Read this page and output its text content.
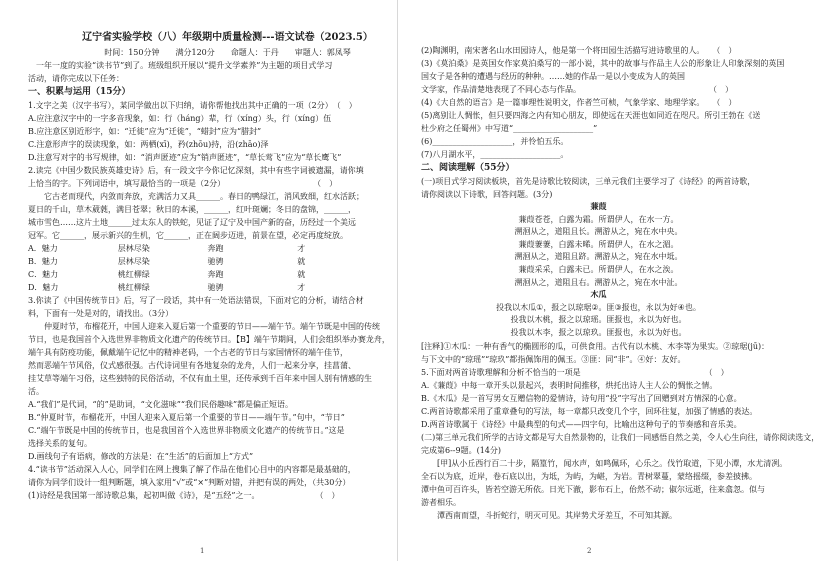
辽宁省实验学校（八）年级期中质量检测---语文试卷（2023.5）
时间：150分钟　　满分120分　　命题人：于丹　　审题人：郭凤琴
　一年一度的实验“读书节”到了。班级组织开展以“提升文学素养”为主题的项目式学习
活动，请你完成以下任务：
一、积累与运用（15分）
1.文字之美（汉字书写），某同学做出以下归纳，请你帮他找出其中正确的一项（2分）　（　）
A.应注意汉字中的一字多音现象，如：行（háng）辈，行（xíng）头，行（xíng）伍
B.应注意区别近形字，如：“迁徙”应为“迁徙”，“蜡封”应为“腊封”
C.注意形声字的误读现象，如：两栖(xī)，矜(zhōu)持，沿(zhāo)泽
D.注意写对字的书写规律，如：“消声匿迹”应为“销声匿迹”，“草长莺飞”应为“草长鹰飞”
2.读完《中国少数民族英雄史诗》后，有一段文字今你记忆深刻，其中有些字词被遗漏，请你填
上恰当的字。下列词语中，填写最恰当的一项是（2分）　　　　　　　　　　　　（　）
　　它古老而现代，内敛而奔放，充满活力又具______。春日的鸭绿江，消风致细，红水活跃；
夏日的千山，草木葳蕤，满目苍翠；秋日的本溪，______，红叶斑斓；冬日的盘锦，______，
城市雪色……这片土地______过太东人的铁蛇，见证了辽宁及中国产新的奋，历经过一个美远
冠军。它______，展示新兴的生机，它______，正在阔步迈进，前景在望，必定再度绽放。
A．魅力	层林尽染	奔跑	才
B．魅力	层林尽染	驰骋	就
C．魅力	桃红柳绿	奔跑	就
D．魅力	桃红柳绿	驰骋	才
3.你读了《中国传统节日》后，写了一段话，其中有一处语法错误，下面对它的分析，请结合材
料，下面有一处是对的，请找出。（3分）
　　仲夏时节，布榴花开，中国人迎来入夏后第一个重要的节日——端午节。端午节既是中国的传统
节日，也是我国首个入选世界非物质文化遗产的传统节日。【B】端午节期间，人们会组织举办赛龙舟，
端午具有防疫功能，佩戴端午记忆中的精神老码，一个古老的节日与家国情怀的端午佳节，
然而恶端午节风俗，仪式感很强。古代诗词里有各地复杂的龙舟，人们一起来分享，挂菖蒲、
挂艾草等端午习俗，这些独特的民俗活动，不仅有血土里，还传承到千百年来中国人别有情感的生
活。
A.“我们”是代词，“的”是助词，“文化滋味”“我们民俗趣味”都是偏正短语。
B.“仲夏时节，布榴花开，中国人迎来入夏后第一个重要的节日——端午节。”句中，“节日”
C.“端午节既是中国的传统节日，也是我国首个入选世界非物质文化遗产的传统节日。”这是
选择关系的复句。
D.画线句子有语病，修改的方法是：在“生活”的后面加上“方式”
4.“读书节”活动深入人心，同学们在网上搜集了解了作品在他们心目中的内容都是最基础的，
请你为同学们设计一组判断题，填入家用“√”或“×”判断对错，并把有误的两处，（共30分）
(1)诗经是我国第一部诗歌总集，起初叫做《诗》，是“五经”之一。　　　　　　　　（　）
1
(2)陶渊明，南宋著名山水田园诗人，他是第一个将田园生活描写进诗歌里的人。　　（　）
(3)《莫泊桑》是英国女作家莫泊桑写的一部小说，其中的故事与作品主人公的形象让人印象深刻的英国
国女子是各种的遭遇与经历的种种。……她的作品一是以小变成为人的英国
文学家，作品清楚地表现了不同心态与作品。　　　　　　　　　　　　　　　　　（　）
(4)《大自然的语言》是一篇事理性说明文，作者竺可桢，气象学家、地理学家。　　（　）
(5)离别让人惆怅，但只要四海之内有知心朋友，即使远在天涯也如同近在咫尺。所引王勃在《送
杜少府之任蜀州》中写道“____________________”
(6)____________________，并怜怕五乐。
(7)八月湖水平，____________________。
二、阅读理解（55分）
(一)项目式学习阅读板块，首先是诗歌比较阅读，三单元我们主要学习了《诗经》的两首诗歌，
请你阅读以下诗歌，回答问题。(3分)
蒹葭
蒹葭苍苍，白露为霜。所谓伊人，在水一方。
溯洄从之，道阻且长。溯游从之，宛在水中央。
蒹葭萋萋，白露未晞。所谓伊人，在水之湄。
溯洄从之，道阻且跻。溯游从之，宛在水中坻。
蒹葭采采，白露未已。所谓伊人，在水之涘。
溯洄从之，道阻且右。溯游从之，宛在水中沚。
木瓜
投我以木瓜①，报之以琼琚②。匪③报也，永以为好④也。
投我以木桃，报之以琼瑶。匪报也，永以为好也。
投我以木李，报之以琼玖。匪报也，永以为好也。
[注释]①木瓜：一种有香气的椭圆形的瓜，可供食用。古代有以木桃、木李等为果实。②琼琚(jū)：
与下文中的“琼瑶”“琼玖”都指佩饰用的佩玉。③匪：同“非”。④好：友好。
5.下面对两首诗歌理解和分析不恰当的一项是　　　　　　　　　　　　　　　　（　）
A.《蒹葭》中每一章开头以景起兴，表明时间推移，烘托出诗人主人公的惆怅之情。
B.《木瓜》是一首写男女互赠信物的爱情诗，诗句用“投”字写出了回赠到对方情深的心意。
C.两首诗歌都采用了重章叠句的写法，每一章都只改变几个字，回环往复，加强了情感的表达。
D.两首诗歌属于《诗经》中最典型的句式——四字句，比喻出这种句子的节奏感和音乐美。
(二)第三单元我们所学的古诗文都是写大自然景物的，让我们一同感悟自然之美，令人心生向往，请你阅读选文，
完成第6--9题。(14分)
　　[甲]从小丘西行百二十步，隔篁竹，闻水声，如鸣佩环，心乐之。伐竹取道，下见小潭，水尤清冽。
全石以为底，近岸，卷石底以出，为坻，为屿，为嵁，为岩。青树翠蔓，蒙络摇缀，参差披拂。
潭中鱼可百许头，皆若空游无所依。日光下澈，影布石上，佁然不动；俶尔远逝，往来翕忽。似与
游者相乐。
　　潭西南而望，斗折蛇行，明灭可见。其岸势犬牙差互，不可知其源。
2
